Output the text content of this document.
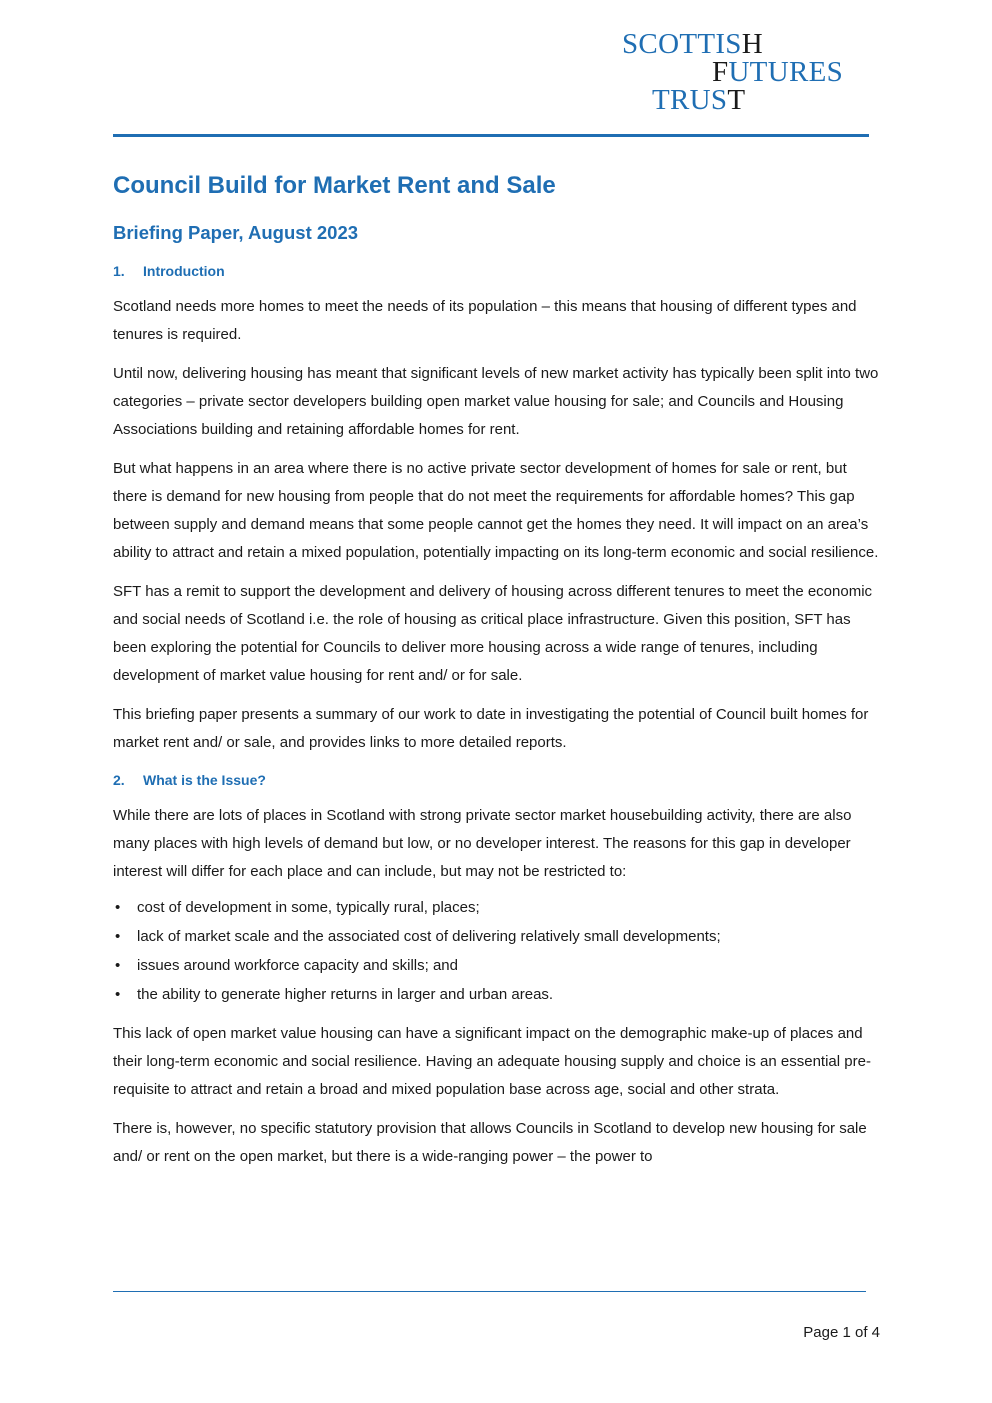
SCOTTISH
FUTURES
TRUST
Council Build for Market Rent and Sale
Briefing Paper, August 2023
1. Introduction

Scotland needs more homes to meet the needs of its population – this means that housing of different types and tenures is required.

Until now, delivering housing has meant that significant levels of new market activity has typically been split into two categories – private sector developers building open market value housing for sale; and Councils and Housing Associations building and retaining affordable homes for rent.

But what happens in an area where there is no active private sector development of homes for sale or rent, but there is demand for new housing from people that do not meet the requirements for affordable homes? This gap between supply and demand means that some people cannot get the homes they need. It will impact on an area’s ability to attract and retain a mixed population, potentially impacting on its long-term economic and social resilience.

SFT has a remit to support the development and delivery of housing across different tenures to meet the economic and social needs of Scotland i.e. the role of housing as critical place infrastructure. Given this position, SFT has been exploring the potential for Councils to deliver more housing across a wide range of tenures, including development of market value housing for rent and/ or for sale.

This briefing paper presents a summary of our work to date in investigating the potential of Council built homes for market rent and/ or sale, and provides links to more detailed reports.

2. What is the Issue?

While there are lots of places in Scotland with strong private sector market housebuilding activity, there are also many places with high levels of demand but low, or no developer interest. The reasons for this gap in developer interest will differ for each place and can include, but may not be restricted to:

• cost of development in some, typically rural, places;
• lack of market scale and the associated cost of delivering relatively small developments;
• issues around workforce capacity and skills; and
• the ability to generate higher returns in larger and urban areas.

This lack of open market value housing can have a significant impact on the demographic make-up of places and their long-term economic and social resilience. Having an adequate housing supply and choice is an essential pre-requisite to attract and retain a broad and mixed population base across age, social and other strata.

There is, however, no specific statutory provision that allows Councils in Scotland to develop new housing for sale and/ or rent on the open market, but there is a wide-ranging power – the power to

Page 1 of 4
